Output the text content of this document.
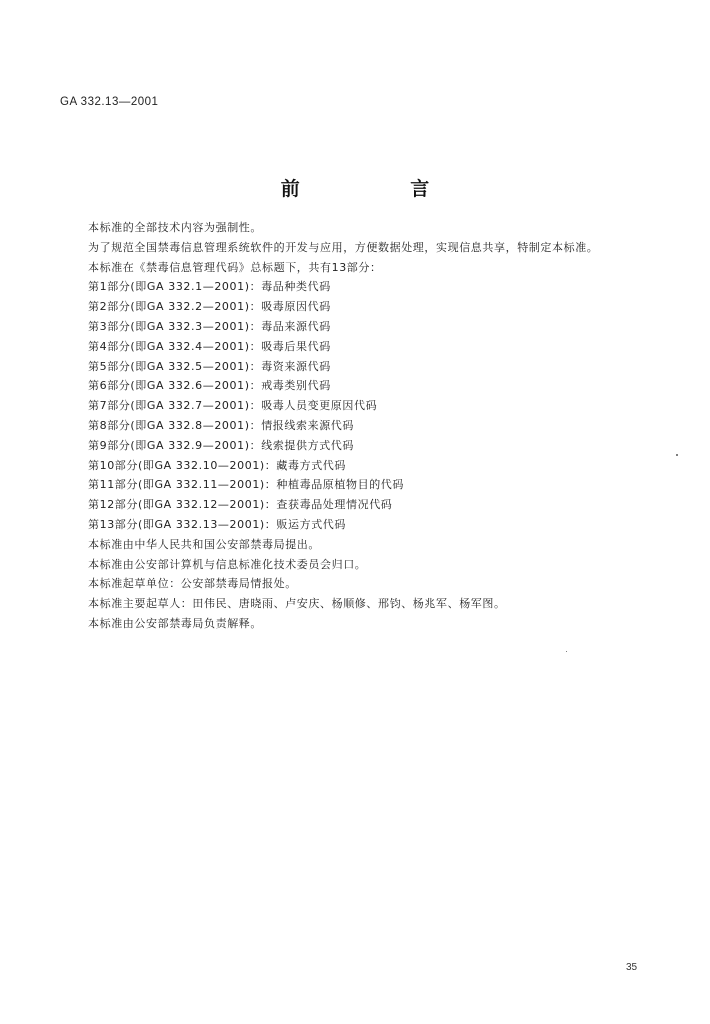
GA 332.13—2001
前 言
本标准的全部技术内容为强制性。
为了规范全国禁毒信息管理系统软件的开发与应用，方便数据处理，实现信息共享，特制定本标准。
本标准在《禁毒信息管理代码》总标题下，共有13部分：
第1部分(即GA 332.1—2001)：毒品种类代码
第2部分(即GA 332.2—2001)：吸毒原因代码
第3部分(即GA 332.3—2001)：毒品来源代码
第4部分(即GA 332.4—2001)：吸毒后果代码
第5部分(即GA 332.5—2001)：毒资来源代码
第6部分(即GA 332.6—2001)：戒毒类别代码
第7部分(即GA 332.7—2001)：吸毒人员变更原因代码
第8部分(即GA 332.8—2001)：情报线索来源代码
第9部分(即GA 332.9—2001)：线索提供方式代码
第10部分(即GA 332.10—2001)：藏毒方式代码
第11部分(即GA 332.11—2001)：种植毒品原植物目的代码
第12部分(即GA 332.12—2001)：查获毒品处理情况代码
第13部分(即GA 332.13—2001)：贩运方式代码
本标准由中华人民共和国公安部禁毒局提出。
本标准由公安部计算机与信息标准化技术委员会归口。
本标准起草单位：公安部禁毒局情报处。
本标准主要起草人：田伟民、唐晓雨、卢安庆、杨顺修、邢钧、杨兆军、杨军图。
本标准由公安部禁毒局负责解释。
35
